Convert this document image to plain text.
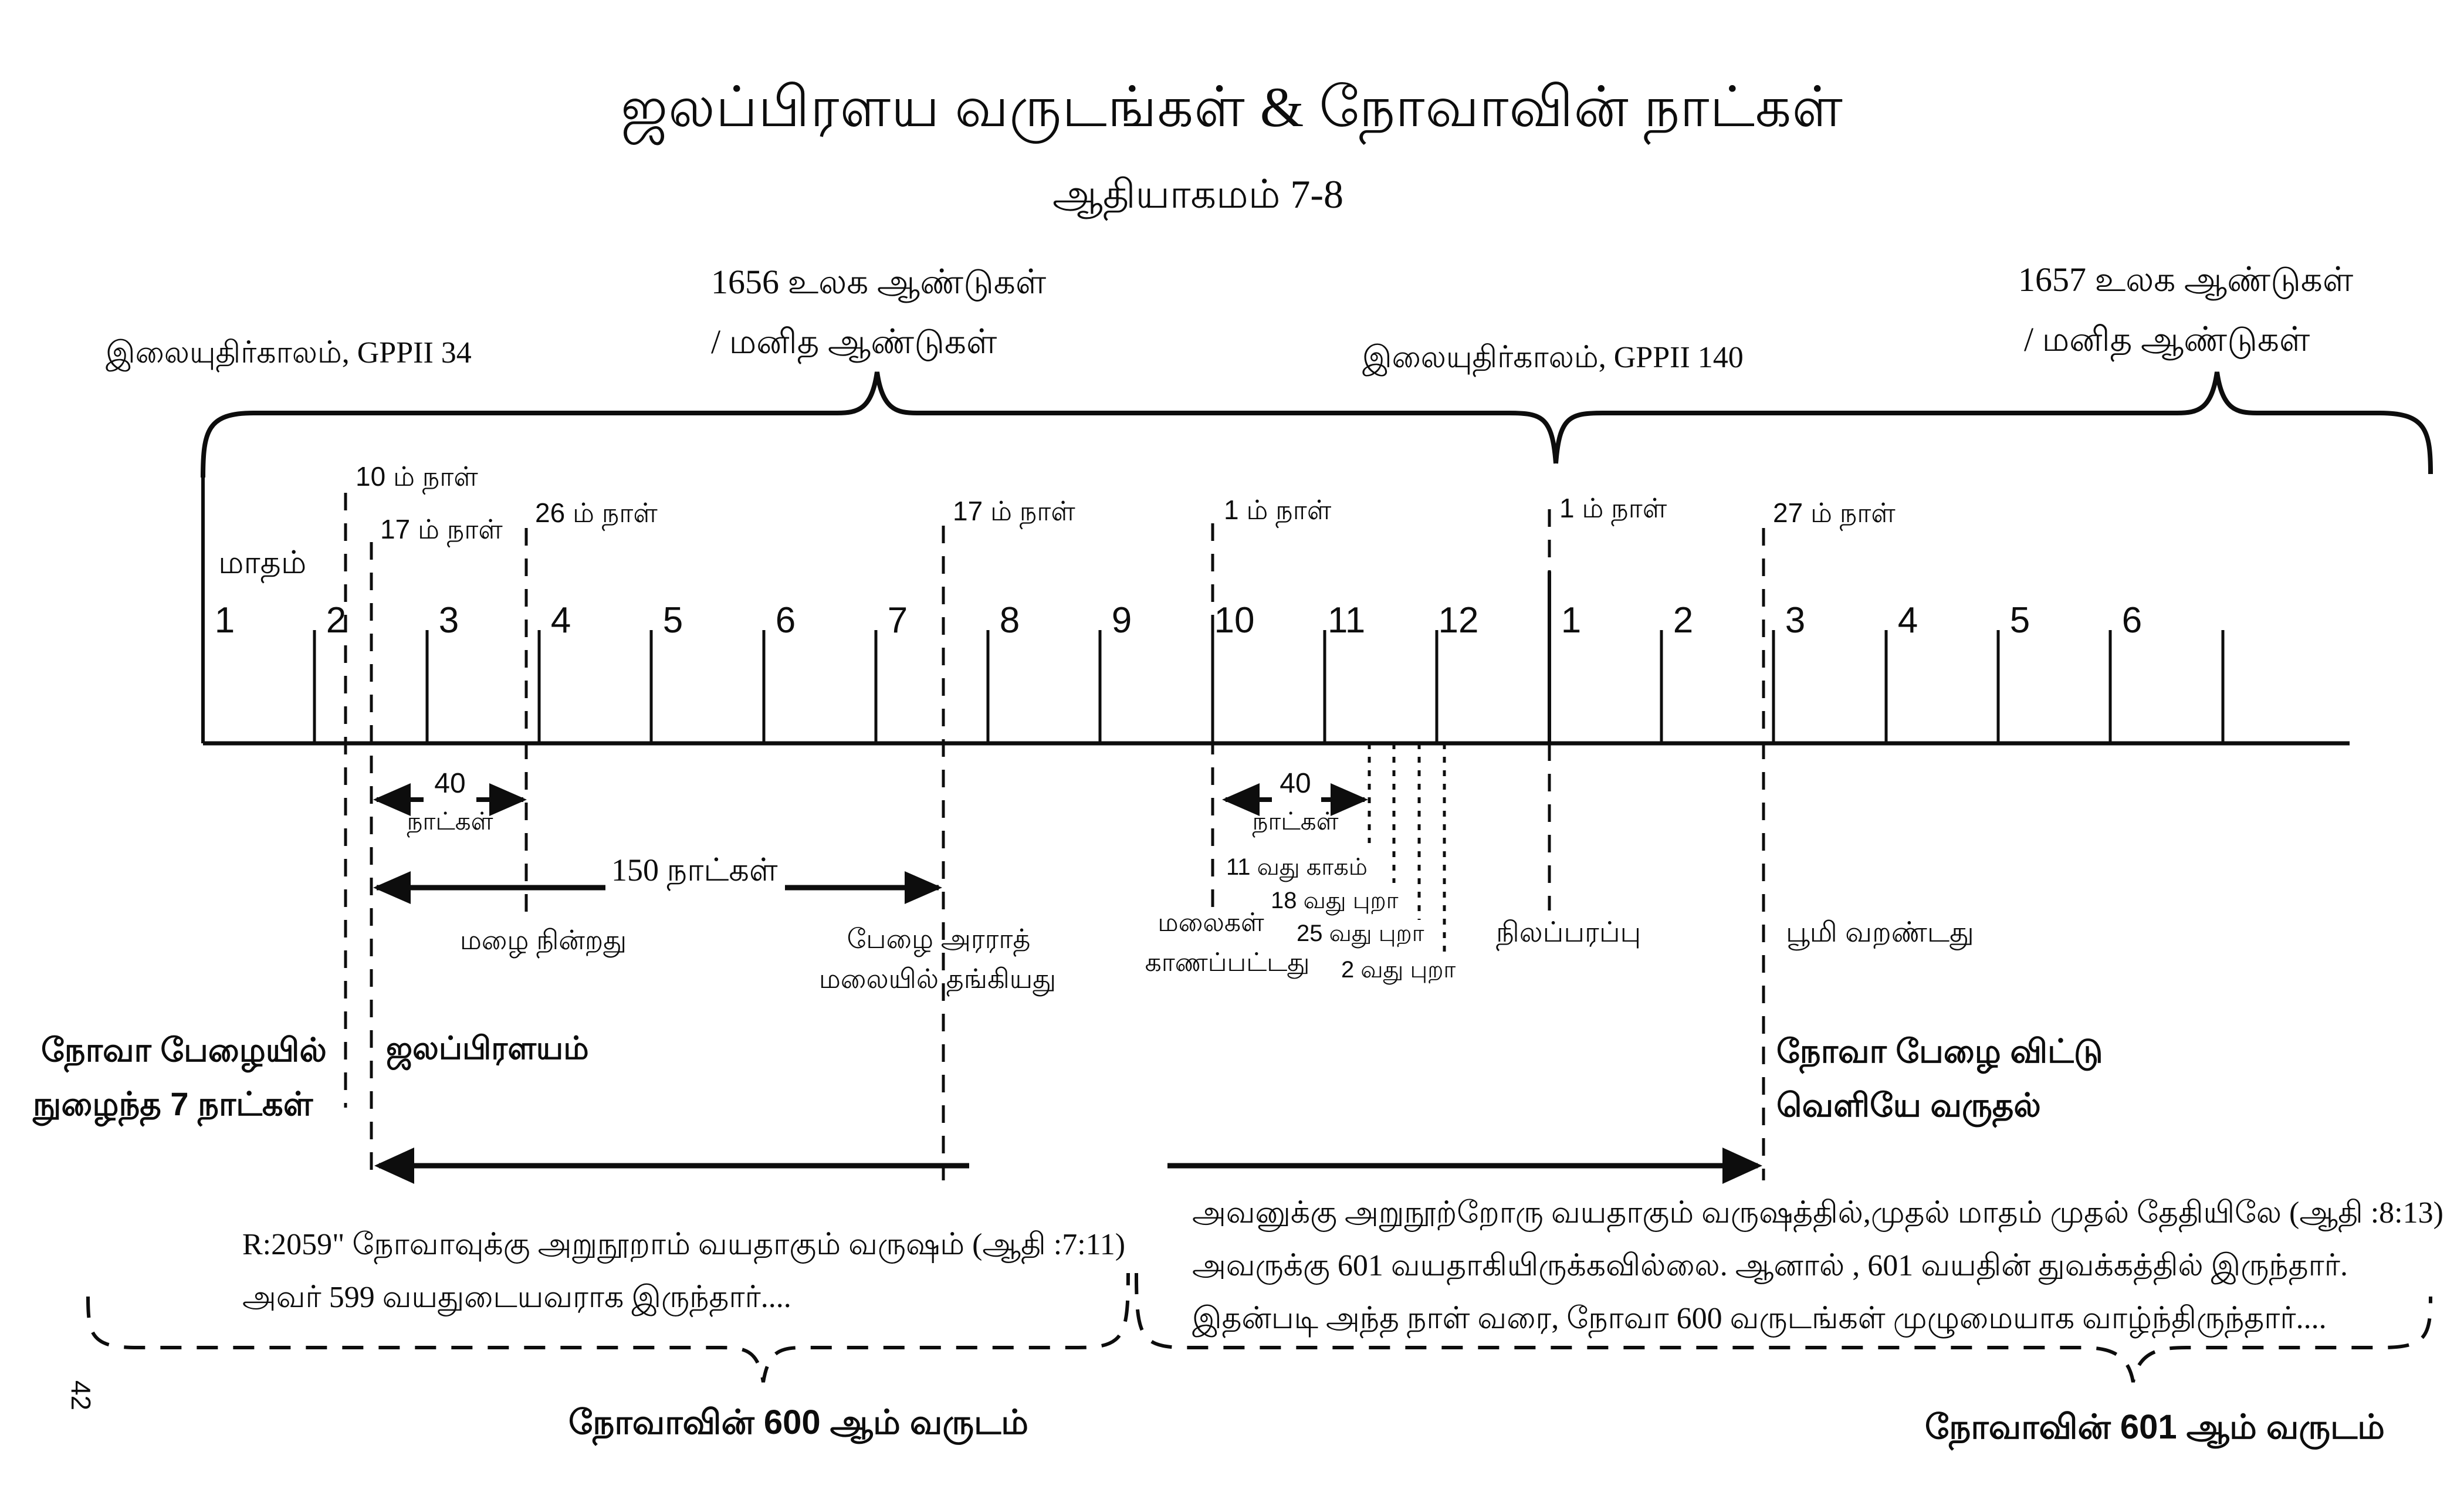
ஜலப்பிரளய வருடங்கள் & நோவாவின் நாட்கள்
ஆதியாகமம் 7-8
1656 உலக ஆண்டுகள்
/ மனித ஆண்டுகள்
இலையுதிர்காலம், GPPII 34
1657 உலக ஆண்டுகள்
/ மனித ஆண்டுகள்
இலையுதிர்காலம், GPPII 140
மாதம்
1	2	3	4	5	6	7	8	9 10 11 12 1	2	3	4	5	6
10 ம் நாள்
17 ம் நாள்
26 ம் நாள்	17 ம் நாள்	1 ம் நாள்	1 ம் நாள்	27 ம் நாள்
40
நாட்கள்
40
நாட்கள்
150 நாட்கள்
மழை நின்றது	பேழை அரராத்
மலையில் தங்கியது
மலைகள்
காணப்பட்டது
11 வது காகம்
18 வது புறா
25 வது புறா
2 வது புறா
நிலப்பரப்பு	பூமி வறண்டது
ஜலப்பிரளயம்
நோவா பேழையில்
நுழைந்த 7 நாட்கள்
நோவா பேழை விட்டு
வெளியே வருதல்
R:2059" நோவாவுக்கு அறுநூறாம் வயதாகும் வருஷம் (ஆதி :7:11)
அவர் 599 வயதுடையவராக இருந்தார்....
அவனுக்கு அறுநூற்றோரு வயதாகும் வருஷத்தில்,முதல் மாதம் முதல் தேதியிலே (ஆதி :8:13)
அவருக்கு 601 வயதாகியிருக்கவில்லை. ஆனால் , 601 வயதின் துவக்கத்தில் இருந்தார்.
இதன்படி அந்த நாள் வரை, நோவா 600 வருடங்கள் முழுமையாக வாழ்ந்திருந்தார்....
நோவாவின் 600 ஆம் வருடம்	நோவாவின் 601 ஆம் வருடம்
42
